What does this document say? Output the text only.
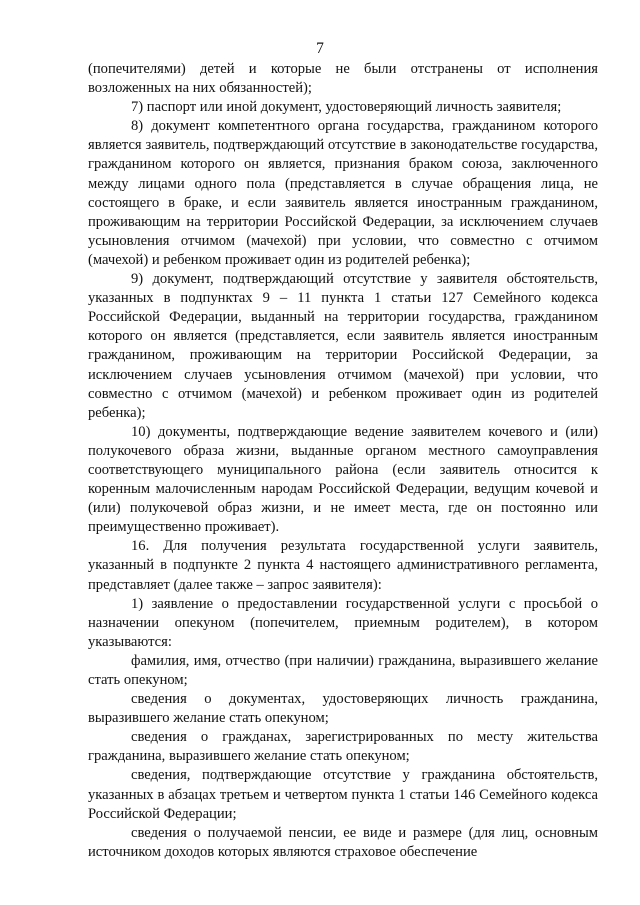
7

(попечителями) детей и которые не были отстранены от исполнения возложенных на них обязанностей);

7) паспорт или иной документ, удостоверяющий личность заявителя;

8) документ компетентного органа государства, гражданином которого является заявитель, подтверждающий отсутствие в законодательстве государства, гражданином которого он является, признания браком союза, заключенного между лицами одного пола (представляется в случае обращения лица, не состоящего в браке, и если заявитель является иностранным гражданином, проживающим на территории Российской Федерации, за исключением случаев усыновления отчимом (мачехой) при условии, что совместно с отчимом (мачехой) и ребенком проживает один из родителей ребенка);

9) документ, подтверждающий отсутствие у заявителя обстоятельств, указанных в подпунктах 9 – 11 пункта 1 статьи 127 Семейного кодекса Российской Федерации, выданный на территории государства, гражданином которого он является (представляется, если заявитель является иностранным гражданином, проживающим на территории Российской Федерации, за исключением случаев усыновления отчимом (мачехой) при условии, что совместно с отчимом (мачехой) и ребенком проживает один из родителей ребенка);

10) документы, подтверждающие ведение заявителем кочевого и (или) полукочевого образа жизни, выданные органом местного самоуправления соответствующего муниципального района (если заявитель относится к коренным малочисленным народам Российской Федерации, ведущим кочевой и (или) полукочевой образ жизни, и не имеет места, где он постоянно или преимущественно проживает).

16. Для получения результата государственной услуги заявитель, указанный в подпункте 2 пункта 4 настоящего административного регламента, представляет (далее также – запрос заявителя):

1) заявление о предоставлении государственной услуги с просьбой о назначении опекуном (попечителем, приемным родителем), в котором указываются:

фамилия, имя, отчество (при наличии) гражданина, выразившего желание стать опекуном;

сведения о документах, удостоверяющих личность гражданина, выразившего желание стать опекуном;

сведения о гражданах, зарегистрированных по месту жительства гражданина, выразившего желание стать опекуном;

сведения, подтверждающие отсутствие у гражданина обстоятельств, указанных в абзацах третьем и четвертом пункта 1 статьи 146 Семейного кодекса Российской Федерации;

сведения о получаемой пенсии, ее виде и размере (для лиц, основным источником доходов которых являются страховое обеспечение
